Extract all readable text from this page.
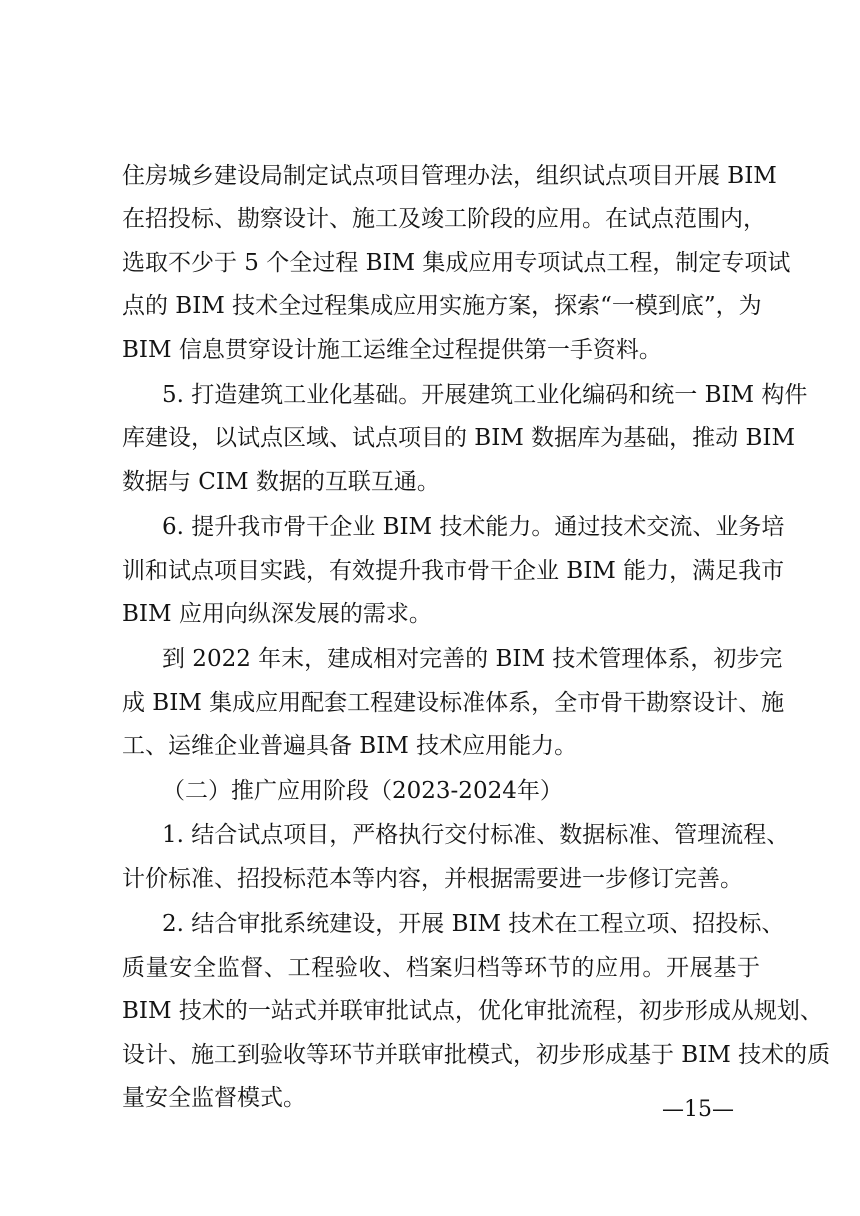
住房城乡建设局制定试点项目管理办法，组织试点项目开展 BIM
在招投标、勘察设计、施工及竣工阶段的应用。在试点范围内，
选取不少于 5 个全过程 BIM 集成应用专项试点工程，制定专项试
点的 BIM 技术全过程集成应用实施方案，探索“一模到底”，为
BIM 信息贯穿设计施工运维全过程提供第一手资料。
5. 打造建筑工业化基础。开展建筑工业化编码和统一 BIM 构件
库建设，以试点区域、试点项目的 BIM 数据库为基础，推动 BIM
数据与 CIM 数据的互联互通。
6. 提升我市骨干企业 BIM 技术能力。通过技术交流、业务培
训和试点项目实践，有效提升我市骨干企业 BIM 能力，满足我市
BIM 应用向纵深发展的需求。
到 2022 年末，建成相对完善的 BIM 技术管理体系，初步完
成 BIM 集成应用配套工程建设标准体系，全市骨干勘察设计、施
工、运维企业普遍具备 BIM 技术应用能力。
（二）推广应用阶段（2023-2024年）
1. 结合试点项目，严格执行交付标准、数据标准、管理流程、
计价标准、招投标范本等内容，并根据需要进一步修订完善。
2. 结合审批系统建设，开展 BIM 技术在工程立项、招投标、
质量安全监督、工程验收、档案归档等环节的应用。开展基于
BIM 技术的一站式并联审批试点，优化审批流程，初步形成从规划、
设计、施工到验收等环节并联审批模式，初步形成基于 BIM 技术的质
量安全监督模式。	—15—
